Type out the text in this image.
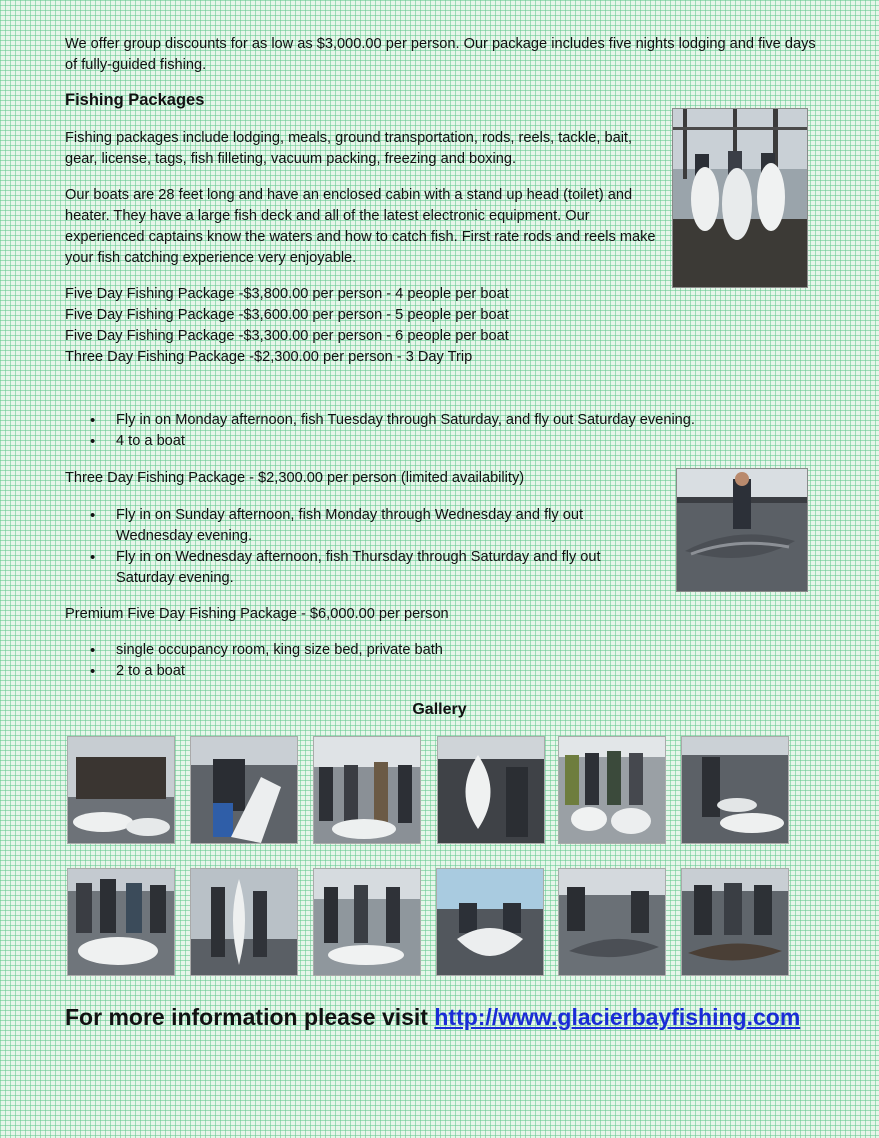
We offer group discounts for as low as $3,000.00 per person. Our package includes five nights lodging and five days of fully-guided fishing.

Fishing Packages

Fishing packages include lodging, meals, ground transportation, rods, reels, tackle, bait, gear, license, tags, fish filleting, vacuum packing, freezing and boxing.

Our boats are 28 feet long and have an enclosed cabin with a stand up head (toilet) and heater. They have a large fish deck and all of the latest electronic equipment. Our experienced captains know the waters and how to catch fish. First rate rods and reels make your fish catching experience very enjoyable.

Five Day Fishing Package -$3,800.00 per person - 4 people per boat
Five Day Fishing Package -$3,600.00 per person - 5 people per boat
Five Day Fishing Package -$3,300.00 per person - 6 people per boat
Three Day Fishing Package -$2,300.00 per person - 3 Day Trip
• Fly in on Monday afternoon, fish Tuesday through Saturday, and fly out Saturday evening.
• 4 to a boat

Three Day Fishing Package - $2,300.00 per person (limited availability)

• Fly in on Sunday afternoon, fish Monday through Wednesday and fly out Wednesday evening.
• Fly in on Wednesday afternoon, fish Thursday through Saturday and fly out Saturday evening.

Premium Five Day Fishing Package - $6,000.00 per person

• single occupancy room, king size bed, private bath
• 2 to a boat
Gallery
For more information please visit http://www.glacierbayfishing.com
